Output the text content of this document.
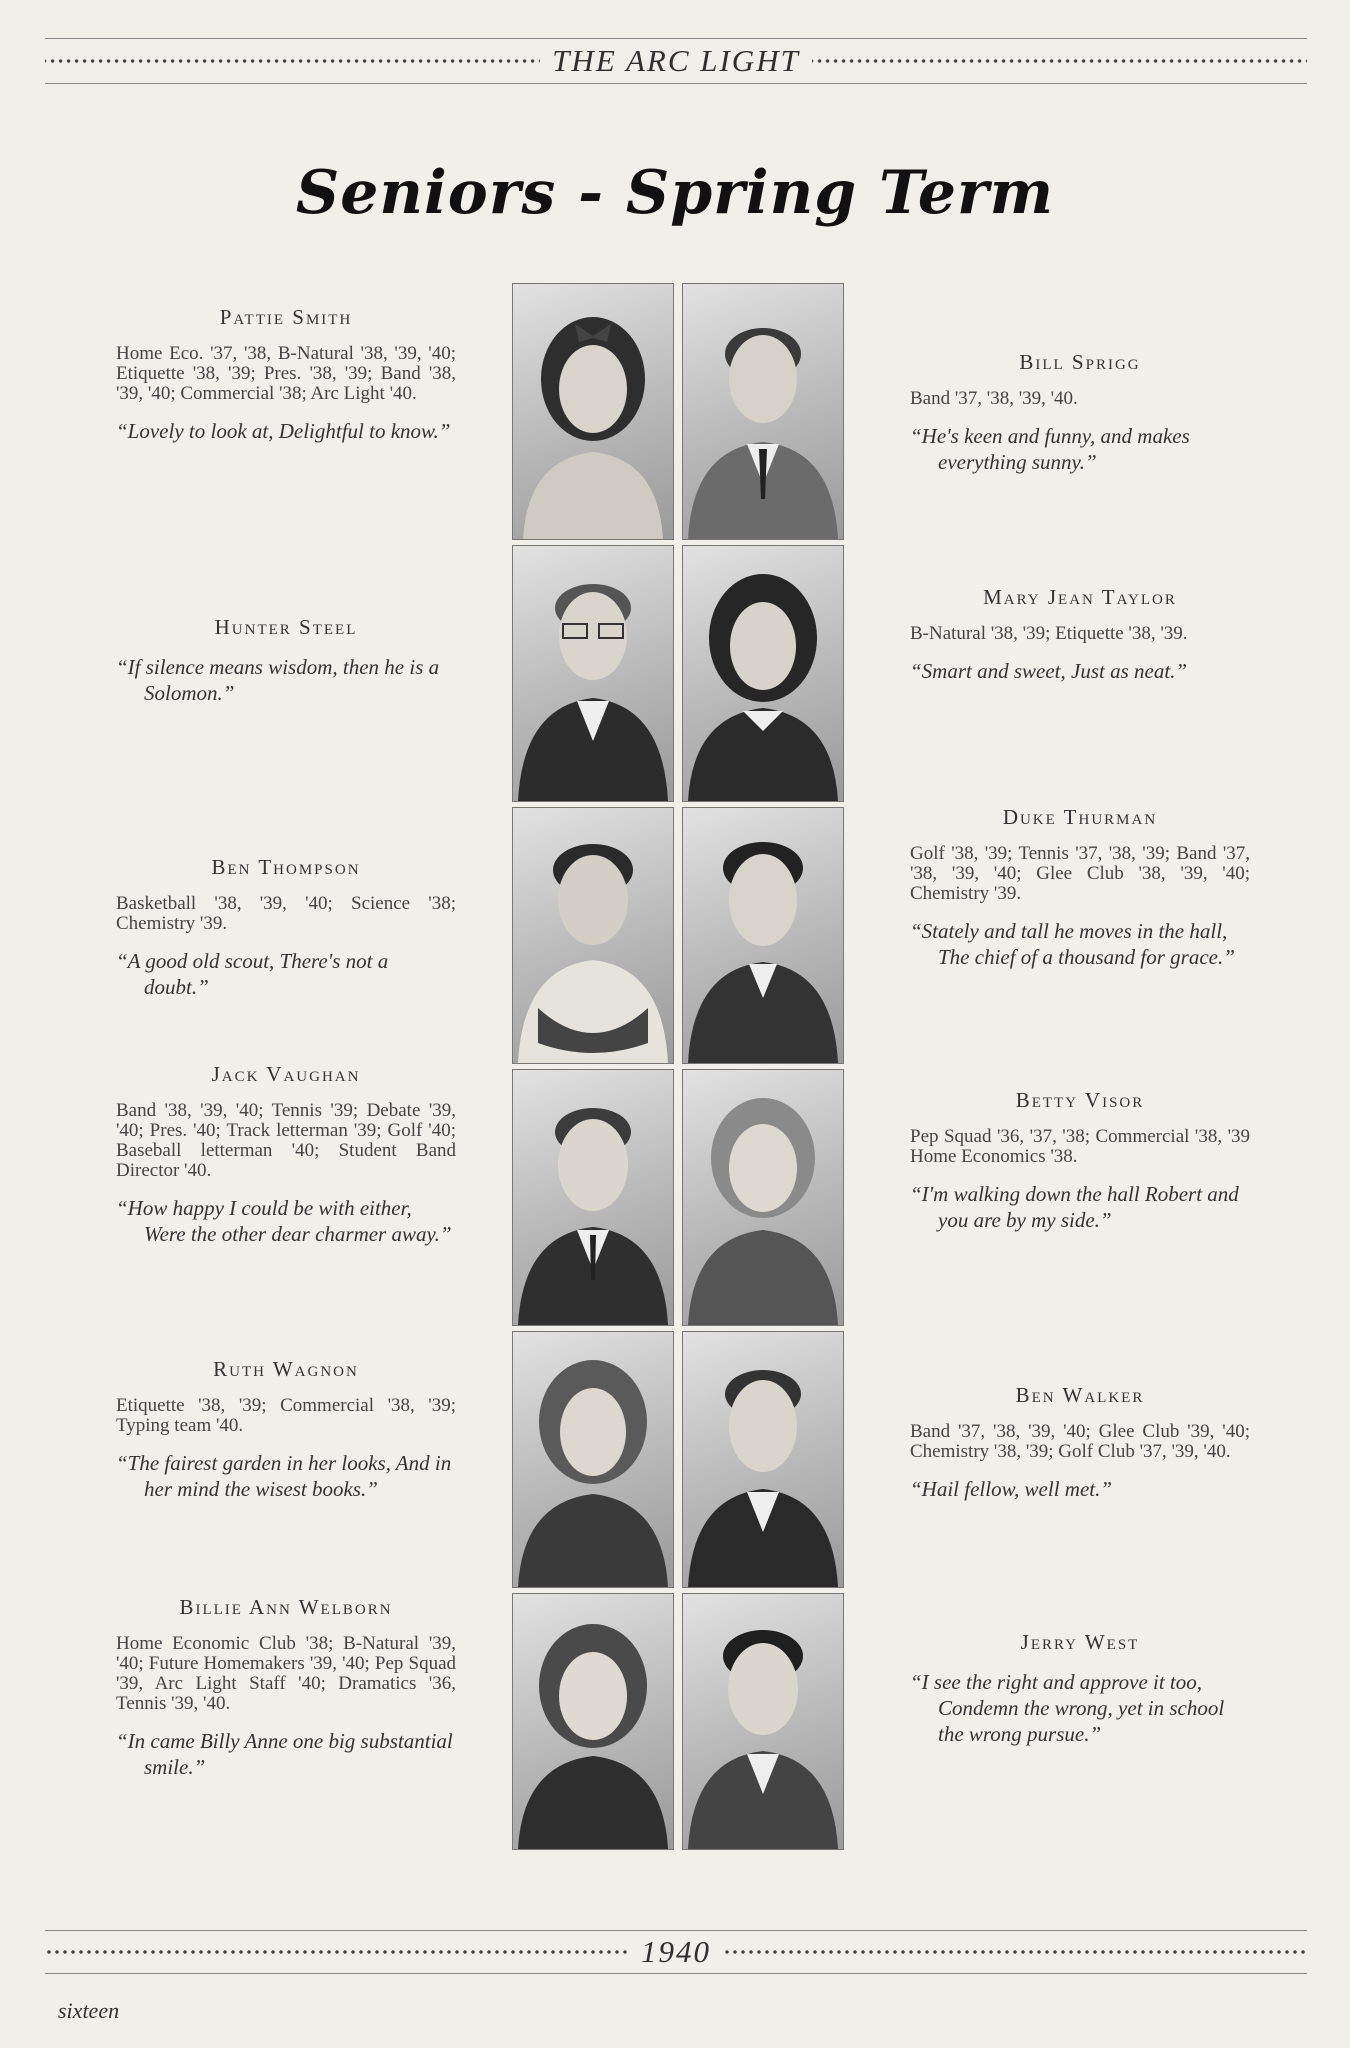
THE ARC LIGHT
Seniors - Spring Term
Pattie Smith

Home Eco. '37, '38, B-Natural '38, '39, '40; Etiquette '38, '39; Pres. '38, '39; Band '38, '39, '40; Commercial '38; Arc Light '40.

“Lovely to look at, Delightful to know.”

Hunter Steel

“If silence means wisdom, then he is a Solomon.”

Ben Thompson

Basketball '38, '39, '40; Science '38; Chemistry '39.

“A good old scout, There's not a doubt.”

Jack Vaughan

Band '38, '39, '40; Tennis '39; Debate '39, '40; Pres. '40; Track letterman '39; Golf '40; Baseball letterman '40; Student Band Director '40.

“How happy I could be with either, Were the other dear charmer away.”

Ruth Wagnon

Etiquette '38, '39; Commercial '38, '39; Typing team '40.

“The fairest garden in her looks, And in her mind the wisest books.”

Billie Ann Welborn

Home Economic Club '38; B-Natural '39, '40; Future Homemakers '39, '40; Pep Squad '39, Arc Light Staff '40; Dramatics '36, Tennis '39, '40.

“In came Billy Anne one big substantial smile.”

Bill Sprigg

Band '37, '38, '39, '40.

“He's keen and funny, and makes everything sunny.”

Mary Jean Taylor

B-Natural '38, '39; Etiquette '38, '39.

“Smart and sweet, Just as neat.”

Duke Thurman

Golf '38, '39; Tennis '37, '38, '39; Band '37, '38, '39, '40; Glee Club '38, '39, '40; Chemistry '39.

“Stately and tall he moves in the hall, The chief of a thousand for grace.”

Betty Visor

Pep Squad '36, '37, '38; Commercial '38, '39 Home Economics '38.

“I'm walking down the hall Robert and you are by my side.”

Ben Walker

Band '37, '38, '39, '40; Glee Club '39, '40; Chemistry '38, '39; Golf Club '37, '39, '40.

“Hail fellow, well met.”

Jerry West

“I see the right and approve it too, Condemn the wrong, yet in school the wrong pursue.”

1940
sixteen
